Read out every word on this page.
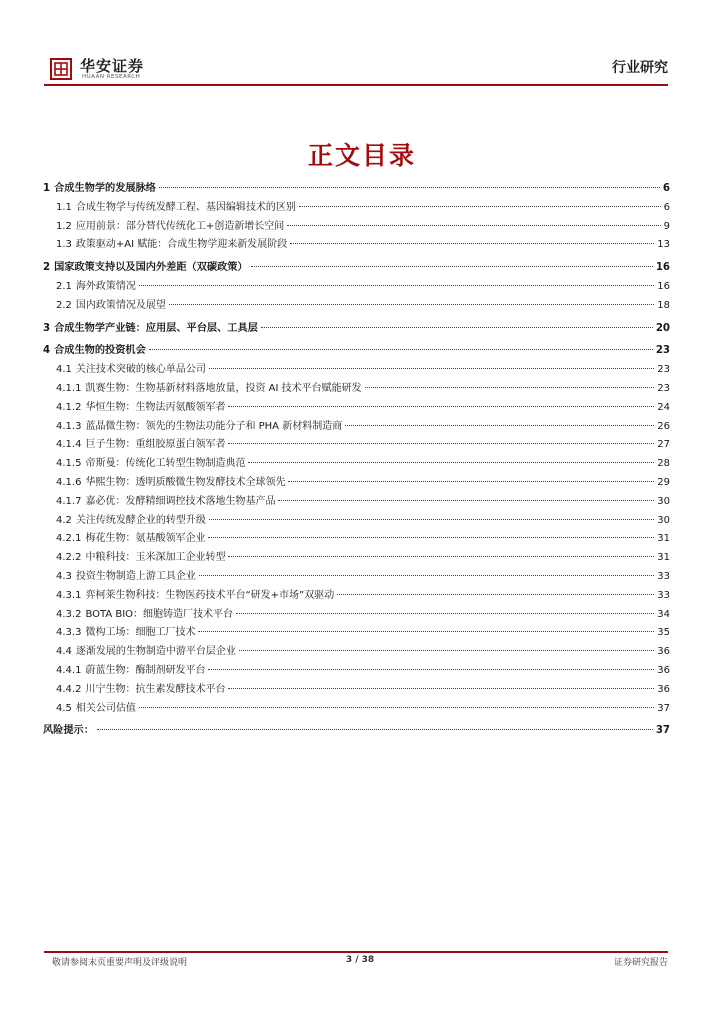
华安证券
HUAAN RESEARCH
行业研究
正文目录
1 合成生物学的发展脉络	6
1.1 合成生物学与传统发酵工程、基因编辑技术的区别	6
1.2 应用前景：部分替代传统化工+创造新增长空间	9
1.3 政策驱动+AI 赋能：合成生物学迎来新发展阶段	13
2 国家政策支持以及国内外差距（双碳政策）	16
2.1 海外政策情况	16
2.2 国内政策情况及展望	18
3 合成生物学产业链：应用层、平台层、工具层	20
4 合成生物的投资机会	23
4.1 关注技术突破的核心单品公司	23
4.1.1 凯赛生物：生物基新材料落地放量，投资 AI 技术平台赋能研发	23
4.1.2 华恒生物：生物法丙氨酸领军者	24
4.1.3 蓝晶微生物：领先的生物法功能分子和 PHA 新材料制造商	26
4.1.4 巨子生物：重组胶原蛋白领军者	27
4.1.5 帝斯曼：传统化工转型生物制造典范	28
4.1.6 华熙生物：透明质酸微生物发酵技术全球领先	29
4.1.7 嘉必优：发酵精细调控技术落地生物基产品	30
4.2 关注传统发酵企业的转型升级	30
4.2.1 梅花生物：氨基酸领军企业	31
4.2.2 中粮科技：玉米深加工企业转型	31
4.3 投资生物制造上游工具企业	33
4.3.1 弈柯莱生物科技：生物医药技术平台“研发+市场”双驱动	33
4.3.2 BOTA BIO：细胞铸造厂技术平台	34
4.3.3 微构工场：细胞工厂技术	35
4.4 逐渐发展的生物制造中游平台层企业	36
4.4.1 蔚蓝生物：酶制剂研发平台	36
4.4.2 川宁生物：抗生素发酵技术平台	36
4.5 相关公司估值	37
风险提示：	37
敬请参阅末页重要声明及评级说明	3 / 38	证券研究报告
